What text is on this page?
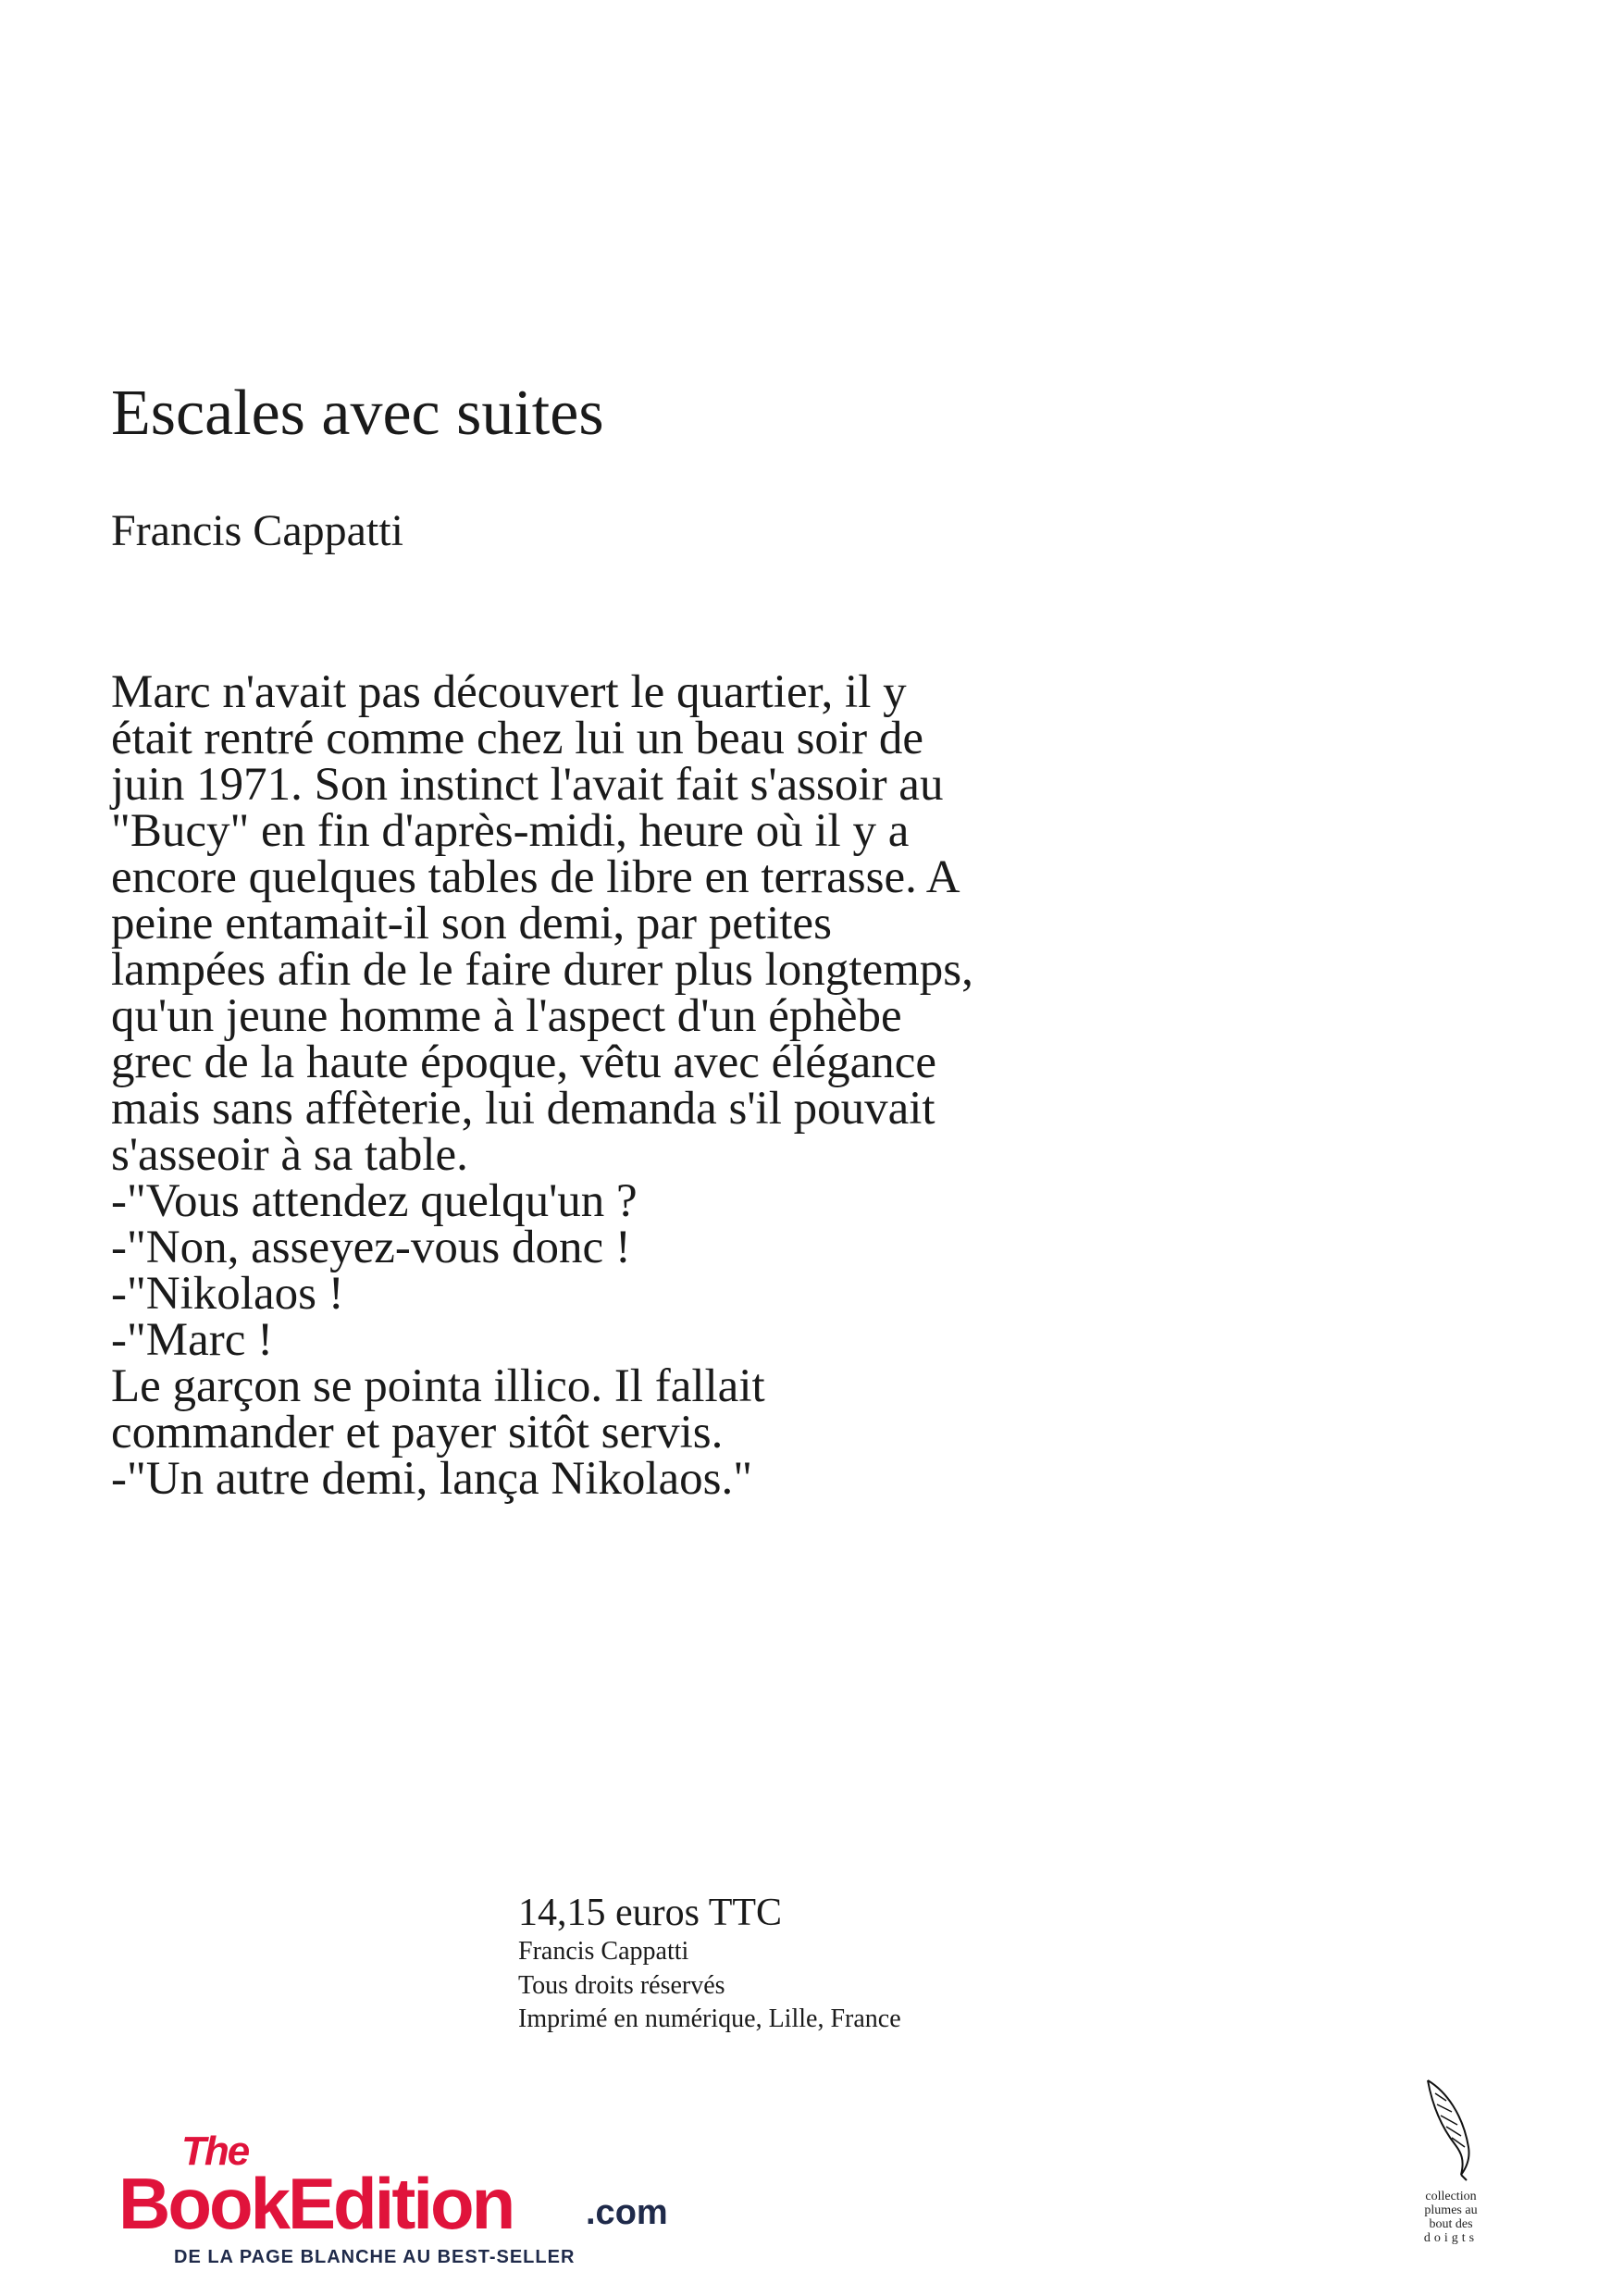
Escales avec suites
Francis Cappatti
Marc n'avait pas découvert le quartier, il y
était rentré comme chez lui un beau soir de
juin 1971. Son instinct l'avait fait s'assoir au
"Bucy" en fin d'après-midi, heure où il y a
encore quelques tables de libre en terrasse. A
peine entamait-il son demi, par petites
lampées afin de le faire durer plus longtemps,
qu'un jeune homme à l'aspect d'un éphèbe
grec de la haute époque, vêtu avec élégance
mais sans affèterie, lui demanda s'il pouvait
s'asseoir à sa table.
-"Vous attendez quelqu'un ?
-"Non, asseyez-vous donc !
-"Nikolaos !
-"Marc !
Le garçon se pointa illico. Il fallait
commander et payer sitôt servis.
-"Un autre demi, lança Nikolaos."
14,15 euros TTC
Francis Cappatti
Tous droits réservés
Imprimé en numérique, Lille, France
The
BookEdition .com
DE LA PAGE BLANCHE AU BEST-SELLER
collection
plumes au
bout des
doigts
